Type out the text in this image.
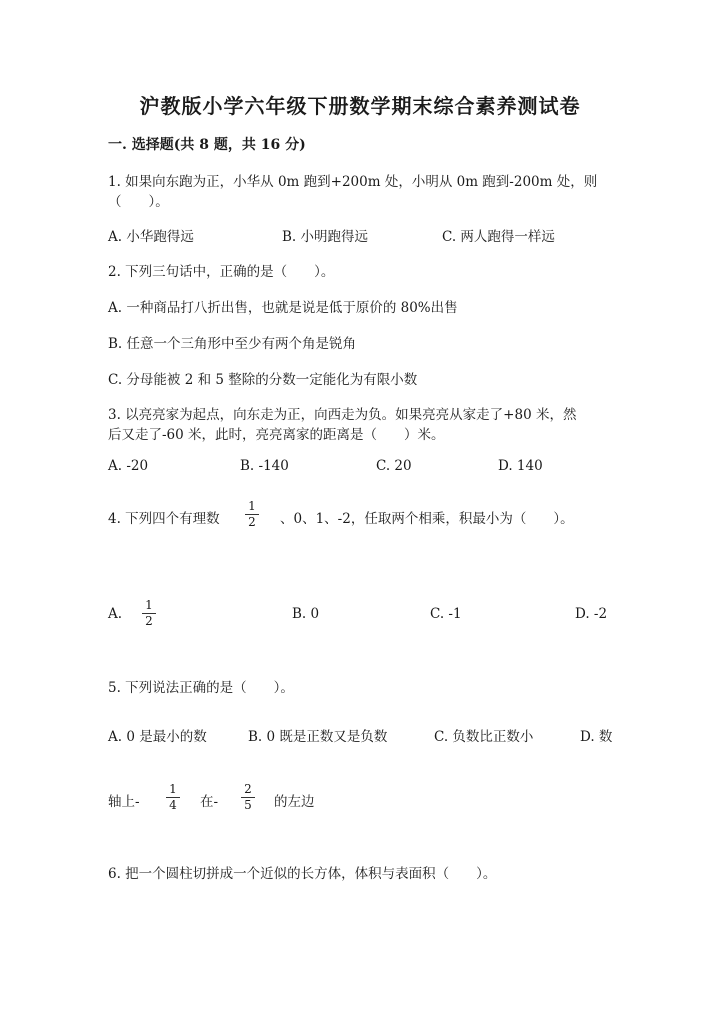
沪教版小学六年级下册数学期末综合素养测试卷
一. 选择题(共 8 题，共 16 分)
1. 如果向东跑为正，小华从 0m 跑到+200m 处，小明从 0m 跑到-200m 处，则
（　　）。
A. 小华跑得远	B. 小明跑得远	C. 两人跑得一样远
2. 下列三句话中，正确的是（　　）。
A. 一种商品打八折出售，也就是说是低于原价的 80%出售
B. 任意一个三角形中至少有两个角是锐角
C. 分母能被 2 和 5 整除的分数一定能化为有限小数
3. 以亮亮家为起点，向东走为正，向西走为负。如果亮亮从家走了+80 米，然
后又走了-60 米，此时，亮亮离家的距离是（　　）米。
A. -20	B. -140	C. 20	D. 140
4. 下列四个有理数
1
2 、0、1、-2，任取两个相乘，积最小为（　　）。
A.
1
2	B. 0	C. -1	D. -2
5. 下列说法正确的是（　　）。
A. 0 是最小的数	B. 0 既是正数又是负数	C. 负数比正数小	D. 数
轴上-
1
4 在-
2
5 的左边
6. 把一个圆柱切拼成一个近似的长方体，体积与表面积（　　）。
